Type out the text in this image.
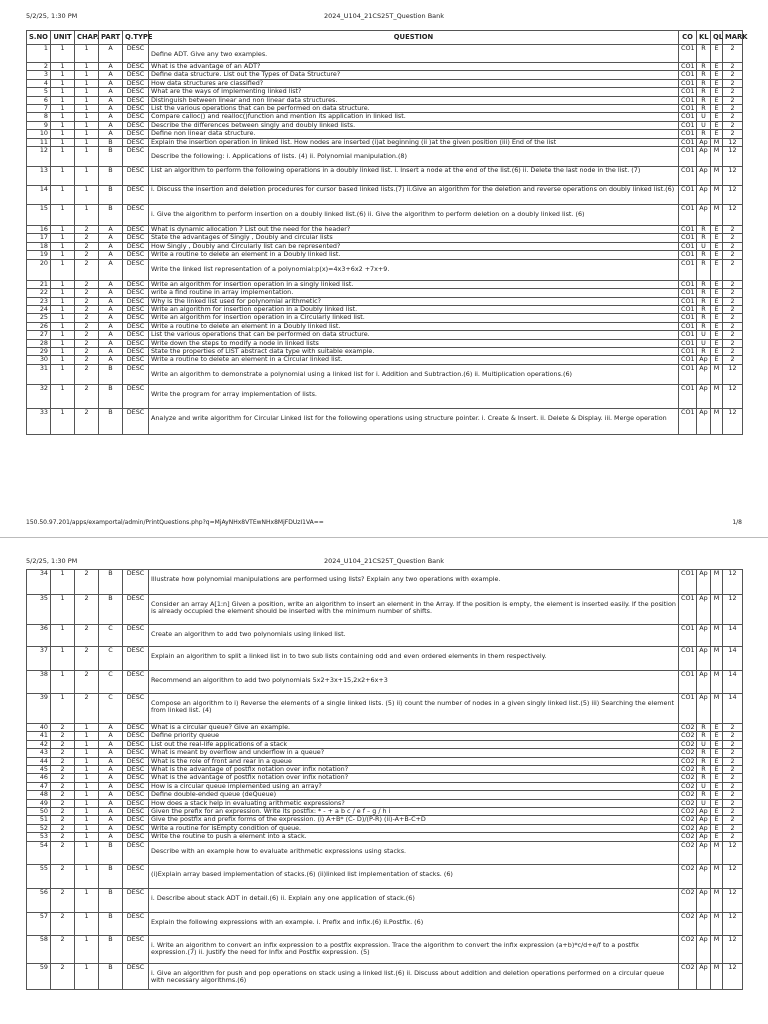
5/2/25, 1:30 PM	2024_U104_21CS25T_Question Bank
S.NO	UNIT	CHAP.	PART	Q.TYPE	QUESTION	CO	KL	QL	MARK
1	1	1	A	DESC	Define ADT. Give any two examples.	CO1	R	E	2
2	1	1	A	DESC	What is the advantage of an ADT?	CO1	R	E	2
3	1	1	A	DESC	Define data structure. List out the Types of Data Structure?	CO1	R	E	2
4	1	1	A	DESC	How data structures are classified?	CO1	R	E	2
5	1	1	A	DESC	What are the ways of implementing linked list?	CO1	R	E	2
6	1	1	A	DESC	Distinguish between linear and non linear data structures.	CO1	R	E	2
7	1	1	A	DESC	List the various operations that can be performed on data structure.	CO1	R	E	2
8	1	1	A	DESC	Compare calloc() and realloc()function and mention its application in linked list.	CO1	U	E	2
9	1	1	A	DESC	Describe the differences between singly and doubly linked lists.	CO1	U	E	2
10	1	1	A	DESC	Define non linear data structure.	CO1	R	E	2
11	1	1	B	DESC	Explain the insertion operation in linked list. How nodes are inserted (i)at beginning (ii )at the given position (iii) End of the list	CO1	Ap	M	12
12	1	1	B	DESC	Describe the following: i. Applications of lists. (4) ii. Polynomial manipulation.(8)	CO1	Ap	M	12
13	1	1	B	DESC	List an algorithm to perform the following operations in a doubly linked list. i. Insert a node at the end of the list.(6) ii. Delete the last node in the list. (7)	CO1	Ap	M	12
14	1	1	B	DESC	i. Discuss the insertion and deletion procedures for cursor based linked lists.(7) ii.Give an algorithm for the deletion and reverse operations on doubly linked list.(6)	CO1	Ap	M	12
15	1	1	B	DESC	i. Give the algorithm to perform insertion on a doubly linked list.(6) ii. Give the algorithm to perform deletion on a doubly linked list. (6)	CO1	Ap	M	12
16	1	2	A	DESC	What is dynamic allocation ? List out the need for the header?	CO1	R	E	2
17	1	2	A	DESC	State the advantages of Singly , Doubly and circular lists	CO1	R	E	2
18	1	2	A	DESC	How Singly , Doubly and Circularly list can be represented?	CO1	U	E	2
19	1	2	A	DESC	Write a routine to delete an element in a Doubly linked list.	CO1	R	E	2
20	1	2	A	DESC	Write the linked list representation of a polynomial:p(x)=4x3+6x2 +7x+9.	CO1	R	E	2
21	1	2	A	DESC	Write an algorithm for insertion operation in a singly linked list.	CO1	R	E	2
22	1	2	A	DESC	write a find routine in array implementation.	CO1	R	E	2
23	1	2	A	DESC	Why is the linked list used for polynomial arithmetic?	CO1	R	E	2
24	1	2	A	DESC	Write an algorithm for insertion operation in a Doubly linked list.	CO1	R	E	2
25	1	2	A	DESC	Write an algorithm for insertion operation in a Circularly linked list.	CO1	R	E	2
26	1	2	A	DESC	Write a routine to delete an element in a Doubly linked list.	CO1	R	E	2
27	1	2	A	DESC	List the various operations that can be performed on data structure.	CO1	U	E	2
28	1	2	A	DESC	Write down the steps to modify a node in linked lists	CO1	U	E	2
29	1	2	A	DESC	State the properties of LIST abstract data type with suitable example.	CO1	R	E	2
30	1	2	A	DESC	Write a routine to delete an element in a Circular linked list.	CO1	Ap	E	2
31	1	2	B	DESC	Write an algorithm to demonstrate a polynomial using a linked list for i. Addition and Subtraction.(6) ii. Multiplication operations.(6)	CO1	Ap	M	12
32	1	2	B	DESC	Write the program for array implementation of lists.	CO1	Ap	M	12
33	1	2	B	DESC	Analyze and write algorithm for Circular Linked list for the following operations using structure pointer. i. Create & Insert. ii. Delete & Display. iii. Merge operation	CO1	Ap	M	12
150.50.97.201/apps/examportal/admin/PrintQuestions.php?q=MjAyNHx8VTEwNHx8MjFDUzI1VA==	1/8
5/2/25, 1:30 PM	2024_U104_21CS25T_Question Bank
34	1	2	B	DESC	Illustrate how polynomial manipulations are performed using lists? Explain any two operations with example.	CO1	Ap	M	12
35	1	2	B	DESC	Consider an array A[1:n] Given a position, write an algorithm to insert an element in the Array. If the position is empty, the element is inserted easily. If the position is already occupied the element should be inserted with the minimum number of shifts.	CO1	Ap	M	12
36	1	2	C	DESC	Create an algorithm to add two polynomials using linked list.	CO1	Ap	M	14
37	1	2	C	DESC	Explain an algorithm to split a linked list in to two sub lists containing odd and even ordered elements in them respectively.	CO1	Ap	M	14
38	1	2	C	DESC	Recommend an algorithm to add two polynomials 5x2+3x+15,2x2+6x+3	CO1	Ap	M	14
39	1	2	C	DESC	Compose an algorithm to i) Reverse the elements of a single linked lists. (5) ii) count the number of nodes in a given singly linked list.(5) iii) Searching the element from linked list. (4)	CO1	Ap	M	14
40	2	1	A	DESC	What is a circular queue? Give an example.	CO2	R	E	2
41	2	1	A	DESC	Define priority queue	CO2	R	E	2
42	2	1	A	DESC	List out the real-life applications of a stack	CO2	U	E	2
43	2	1	A	DESC	What is meant by overflow and underflow in a queue?	CO2	R	E	2
44	2	1	A	DESC	What is the role of front and rear in a queue	CO2	R	E	2
45	2	1	A	DESC	What is the advantage of postfix notation over infix notation?	CO2	R	E	2
46	2	1	A	DESC	What is the advantage of postfix notation over infix notation?	CO2	R	E	2
47	2	1	A	DESC	How is a circular queue implemented using an array?	CO2	U	E	2
48	2	1	A	DESC	Define double-ended queue (deQueue)	CO2	R	E	2
49	2	1	A	DESC	How does a stack help in evaluating arithmetic expressions?	CO2	U	E	2
50	2	1	A	DESC	Given the prefix for an expression. Write its postfix: * - + a b c / e f – g / h i	CO2	Ap	E	2
51	2	1	A	DESC	Give the postfix and prefix forms of the expression. (i) A+B* (C- D)/(P-R) (ii)-A+B-C+D	CO2	Ap	E	2
52	2	1	A	DESC	Write a routine for IsEmpty condition of queue.	CO2	Ap	E	2
53	2	1	A	DESC	Write the routine to push a element into a stack.	CO2	Ap	E	2
54	2	1	B	DESC	Describe with an example how to evaluate arithmetic expressions using stacks.	CO2	Ap	M	12
55	2	1	B	DESC	(i)Explain array based implementation of stacks.(6) (ii)linked list implementation of stacks. (6)	CO2	Ap	M	12
56	2	1	B	DESC	i. Describe about stack ADT in detail.(6) ii. Explain any one application of stack.(6)	CO2	Ap	M	12
57	2	1	B	DESC	Explain the following expressions with an example. i. Prefix and infix.(6) ii.Postfix. (6)	CO2	Ap	M	12
58	2	1	B	DESC	i. Write an algorithm to convert an infix expression to a postfix expression. Trace the algorithm to convert the infix expression (a+b)*c/d+e/f to a postfix expression.(7) ii. Justify the need for Infix and Postfix expression. (5)	CO2	Ap	M	12
59	2	1	B	DESC	i. Give an algorithm for push and pop operations on stack using a linked list.(6) ii. Discuss about addition and deletion operations performed on a circular queue with necessary algorithms.(6)	CO2	Ap	M	12
